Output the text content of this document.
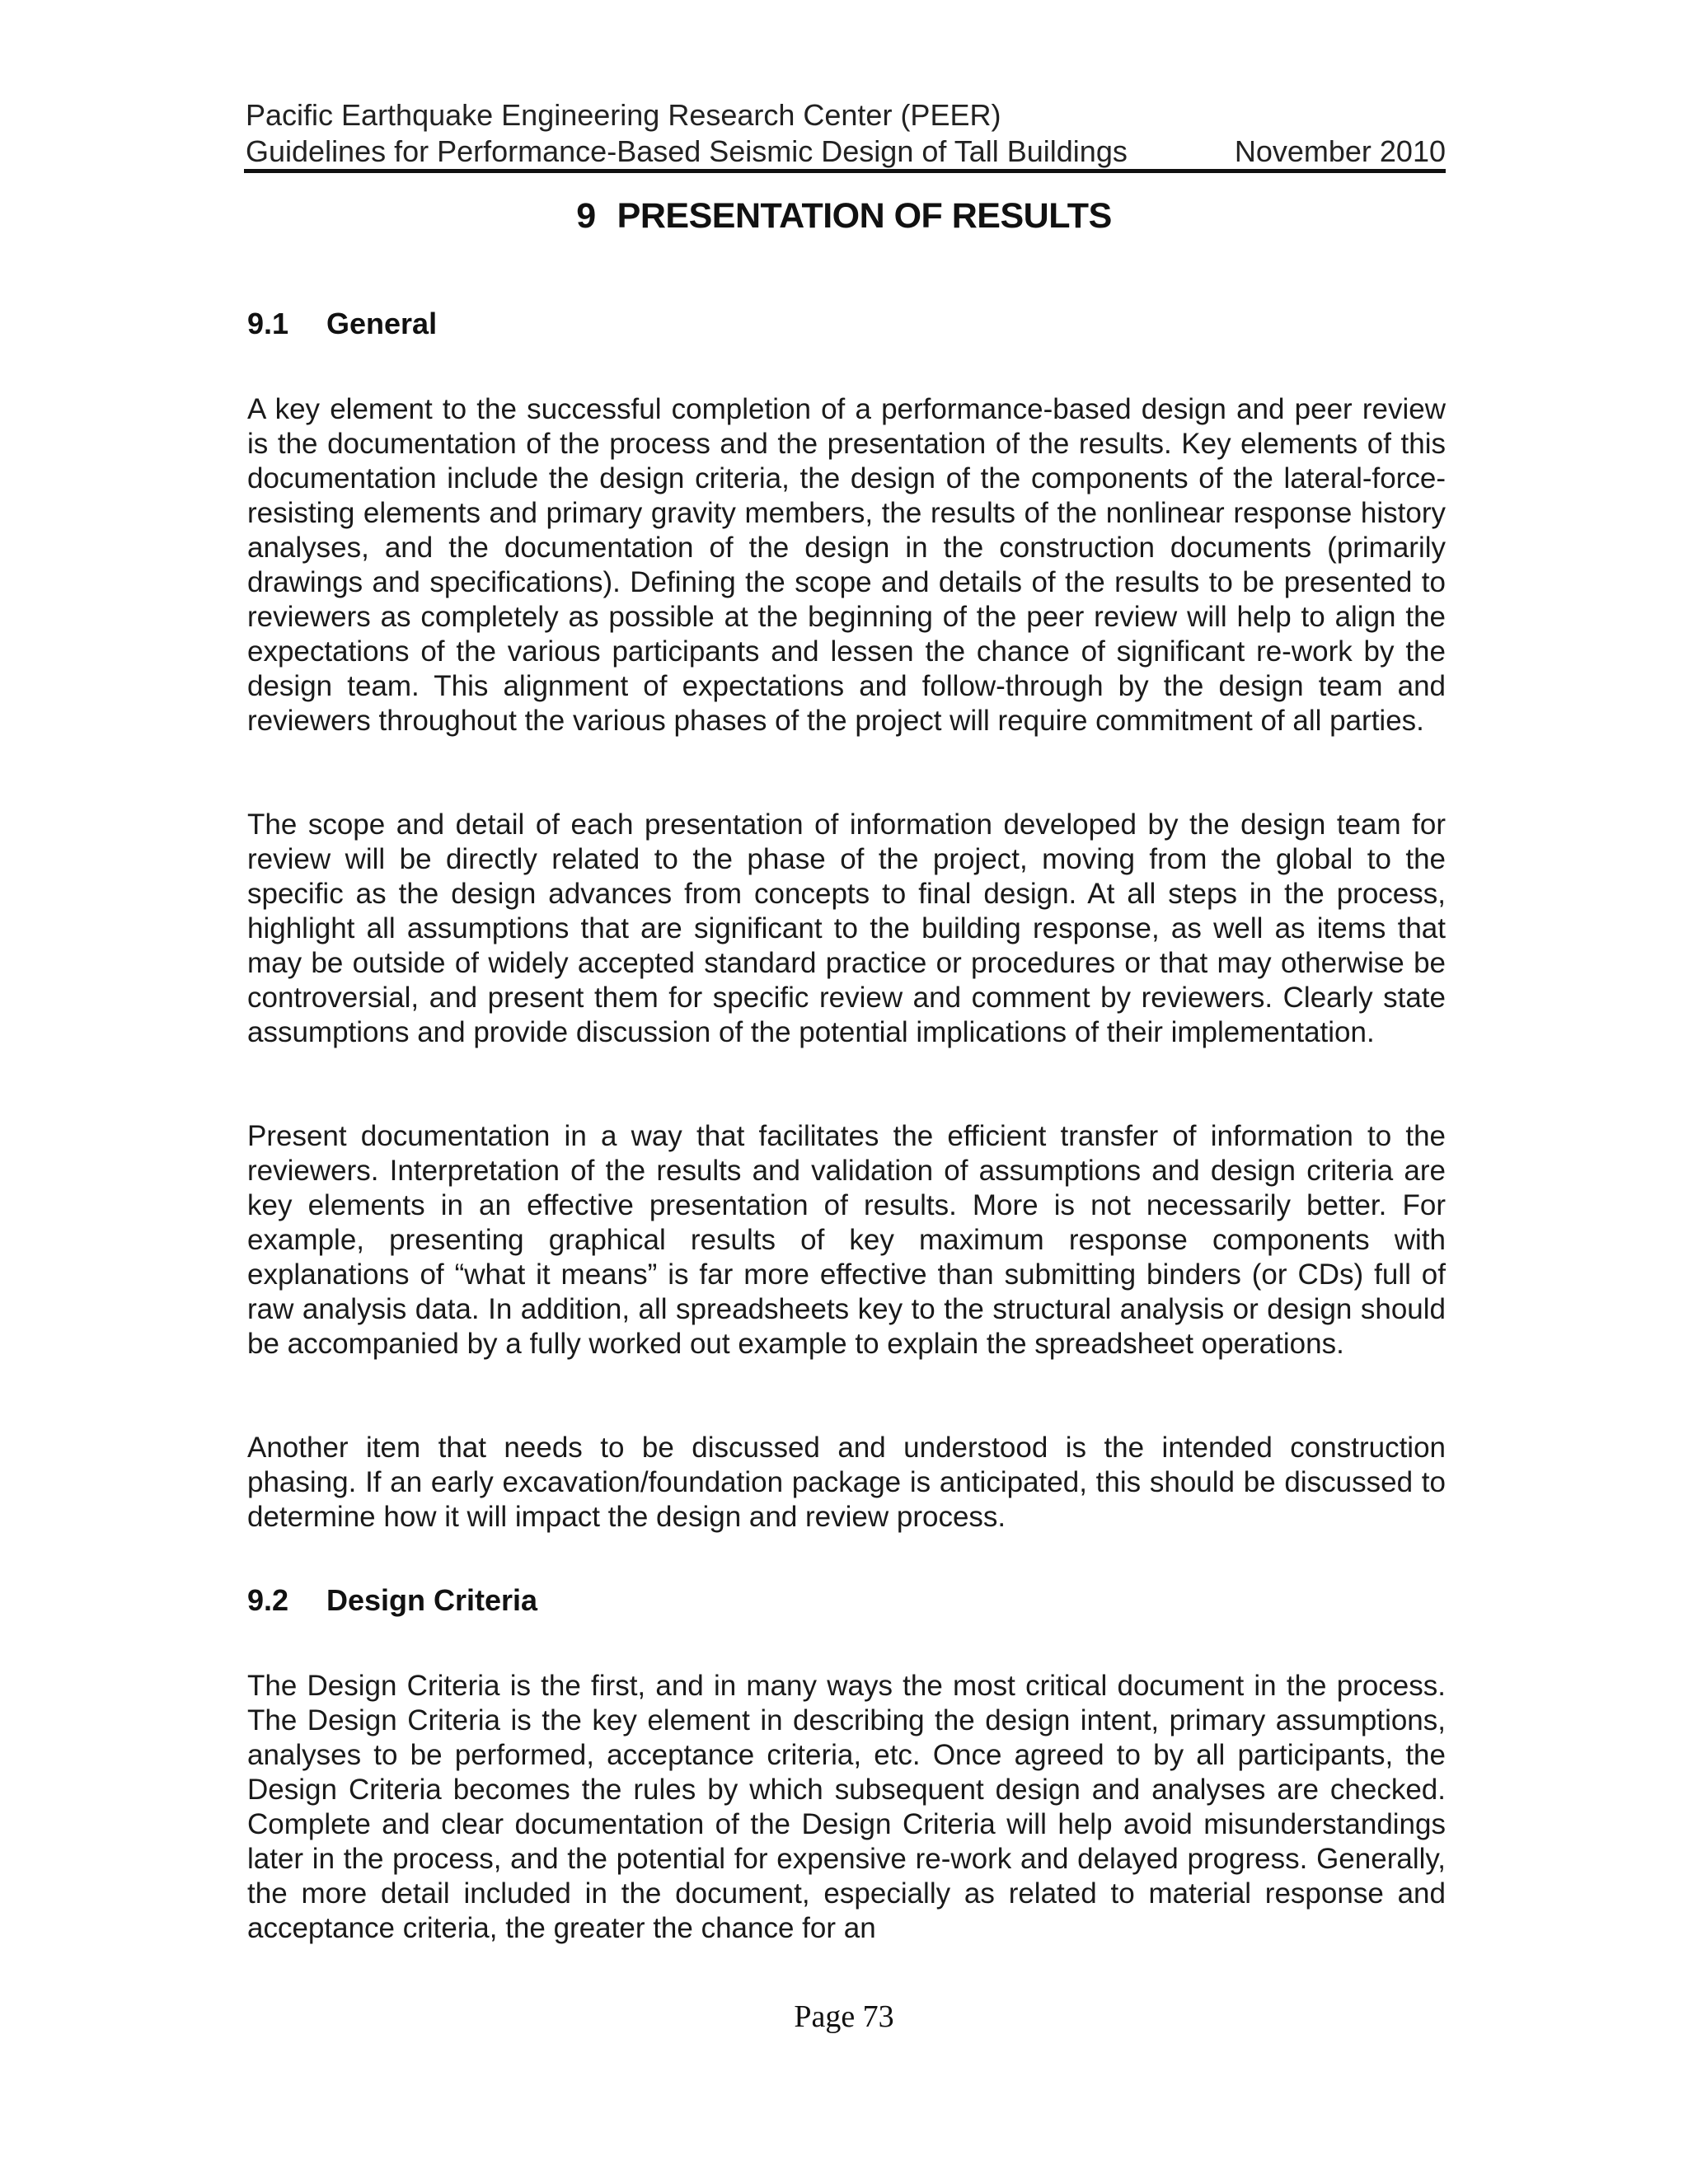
Pacific Earthquake Engineering Research Center (PEER)
Guidelines for Performance-Based Seismic Design of Tall Buildings	November 2010
9 PRESENTATION OF RESULTS
9.1 General

A key element to the successful completion of a performance-based design and peer review is the documentation of the process and the presentation of the results. Key elements of this documentation include the design criteria, the design of the components of the lateral-force-resisting elements and primary gravity members, the results of the nonlinear response history analyses, and the documentation of the design in the construction documents (primarily drawings and specifications). Defining the scope and details of the results to be presented to reviewers as completely as possible at the beginning of the peer review will help to align the expectations of the various participants and lessen the chance of significant re-work by the design team. This alignment of expectations and follow-through by the design team and reviewers throughout the various phases of the project will require commitment of all parties.

The scope and detail of each presentation of information developed by the design team for review will be directly related to the phase of the project, moving from the global to the specific as the design advances from concepts to final design. At all steps in the process, highlight all assumptions that are significant to the building response, as well as items that may be outside of widely accepted standard practice or procedures or that may otherwise be controversial, and present them for specific review and comment by reviewers. Clearly state assumptions and provide discussion of the potential implications of their implementation.

Present documentation in a way that facilitates the efficient transfer of information to the reviewers. Interpretation of the results and validation of assumptions and design criteria are key elements in an effective presentation of results. More is not necessarily better. For example, presenting graphical results of key maximum response components with explanations of “what it means” is far more effective than submitting binders (or CDs) full of raw analysis data. In addition, all spreadsheets key to the structural analysis or design should be accompanied by a fully worked out example to explain the spreadsheet operations.

Another item that needs to be discussed and understood is the intended construction phasing. If an early excavation/foundation package is anticipated, this should be discussed to determine how it will impact the design and review process.

9.2 Design Criteria

The Design Criteria is the first, and in many ways the most critical document in the process. The Design Criteria is the key element in describing the design intent, primary assumptions, analyses to be performed, acceptance criteria, etc. Once agreed to by all participants, the Design Criteria becomes the rules by which subsequent design and analyses are checked. Complete and clear documentation of the Design Criteria will help avoid misunderstandings later in the process, and the potential for expensive re-work and delayed progress. Generally, the more detail included in the document, especially as related to material response and acceptance criteria, the greater the chance for an

Page 73
